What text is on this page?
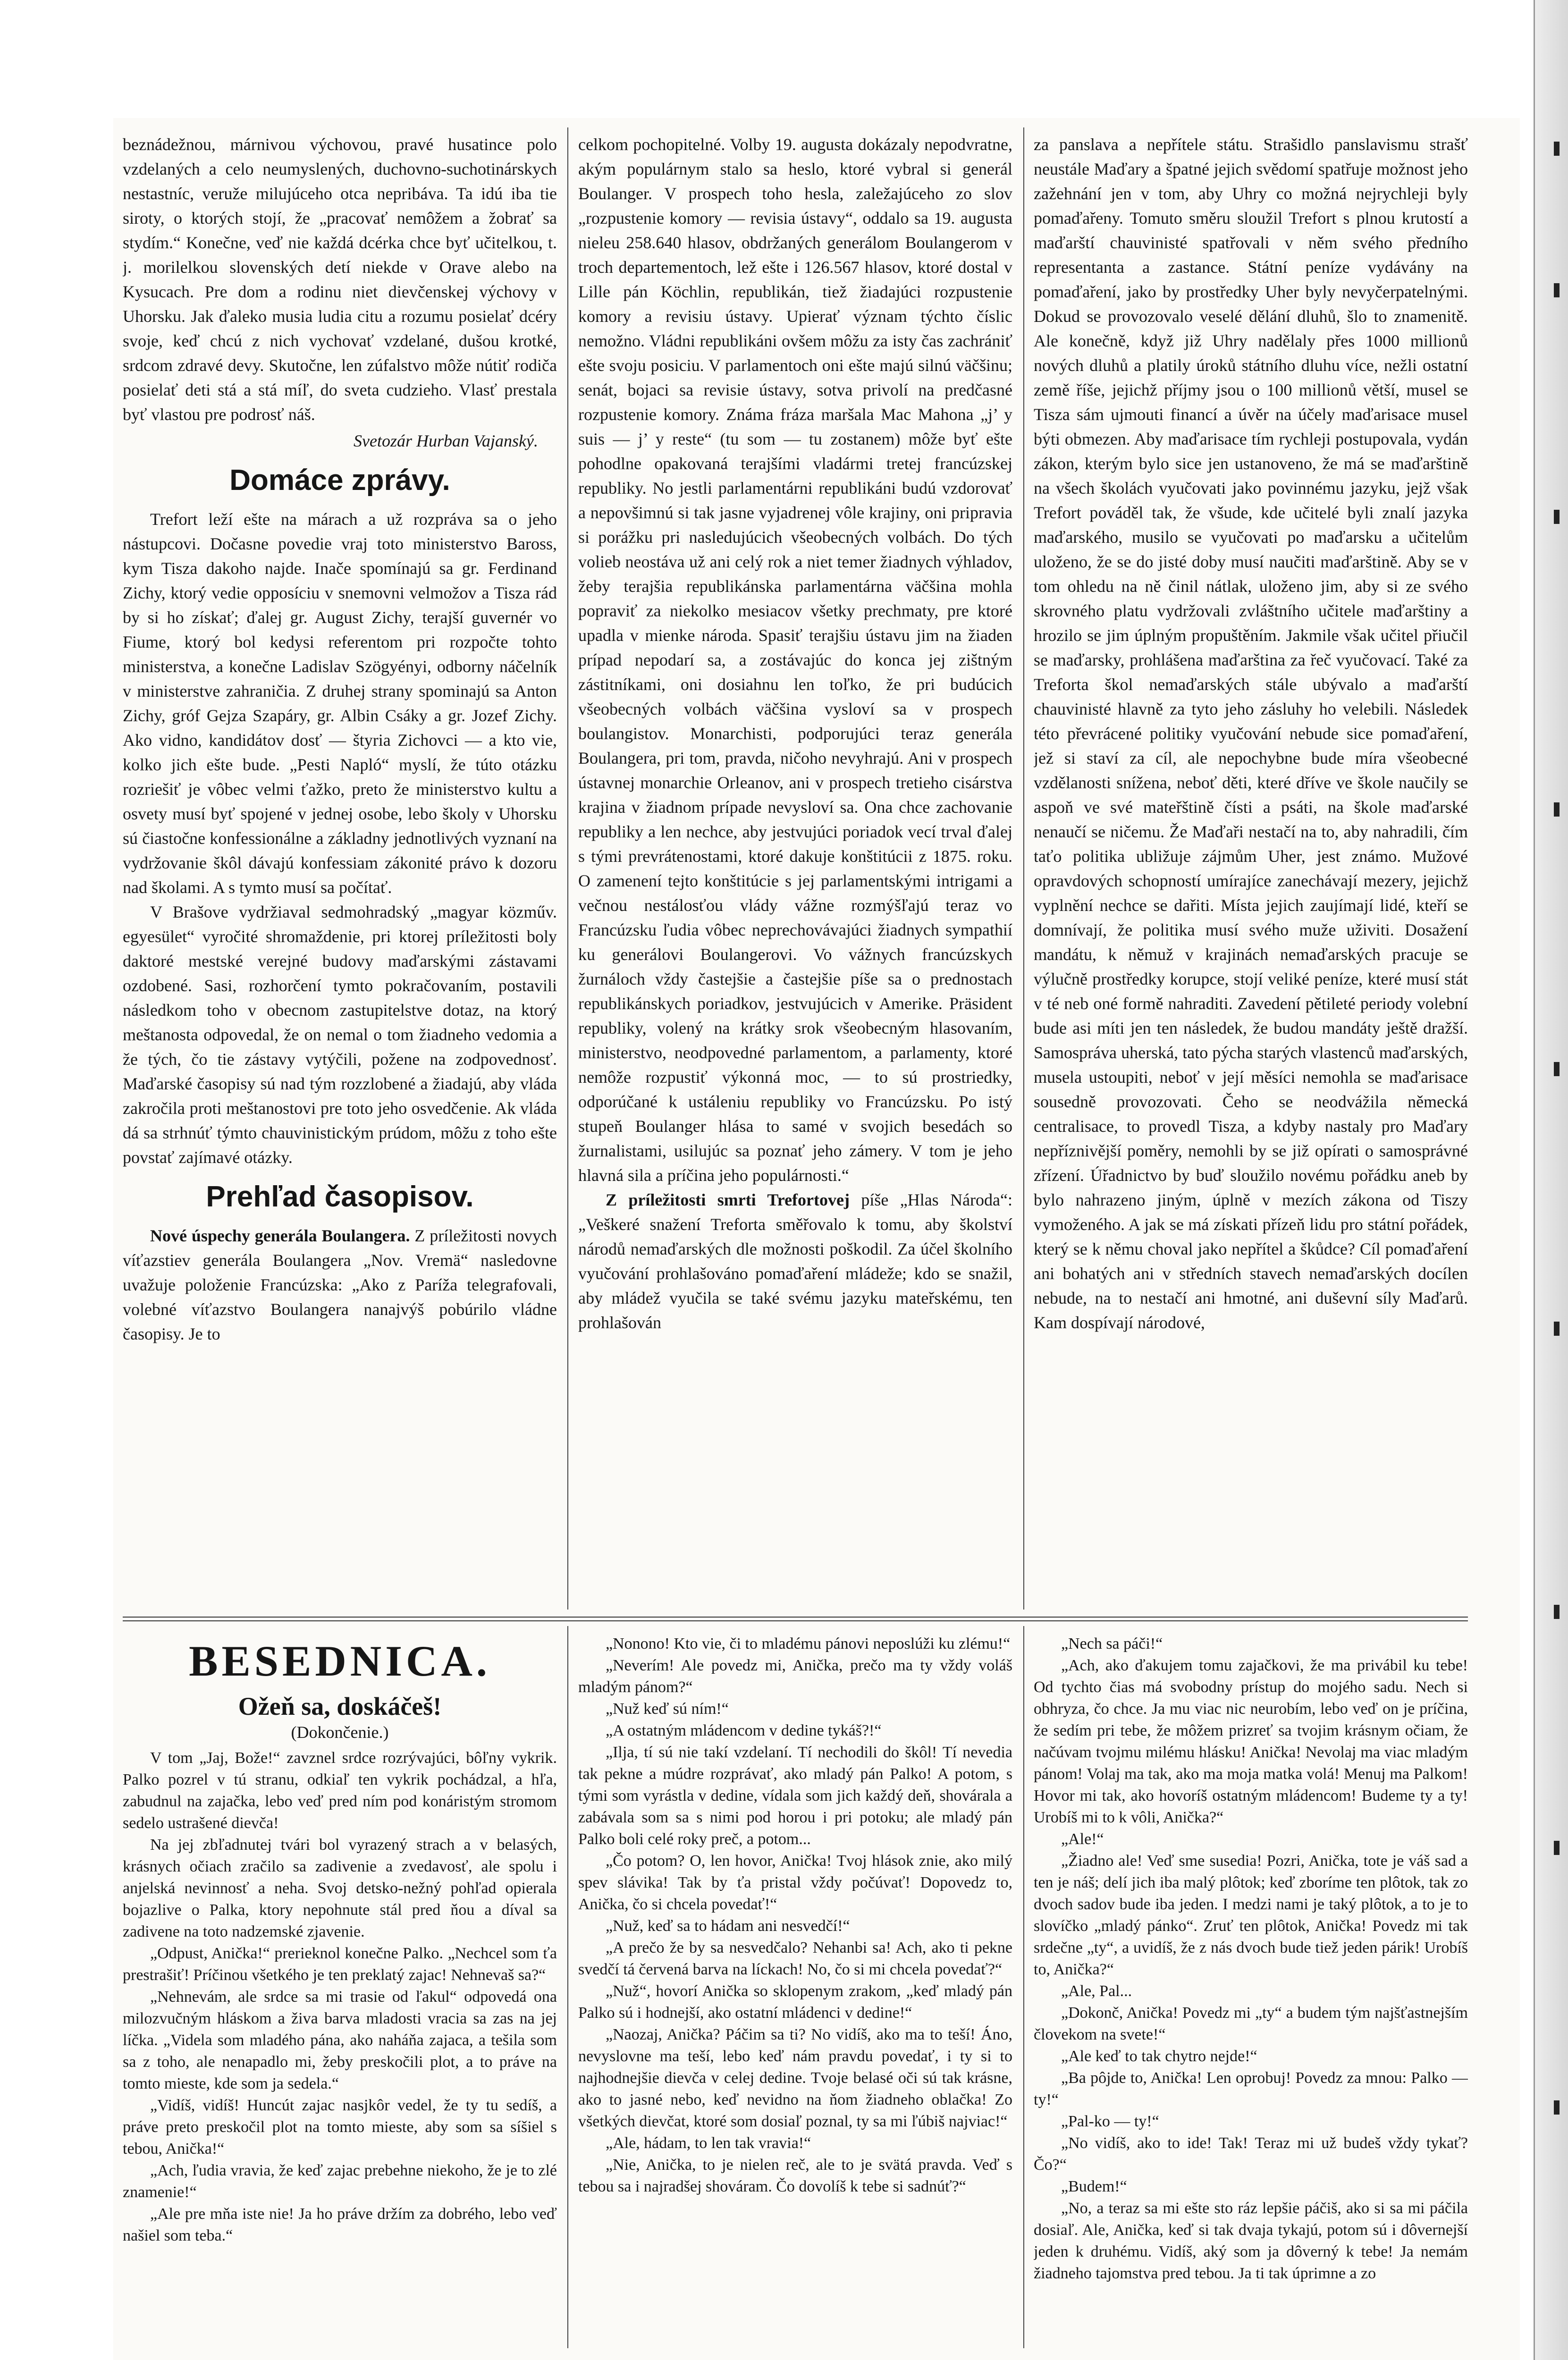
beznádežnou, márnivou výchovou, pravé husatince polo vzdelaných a celo neumyslených, duchovno-suchotinárskych nestastníc, veruže milujúceho otca nepribáva. Ta idú iba tie siroty, o ktorých stojí, že „pracovať nemôžem a žobrať sa stydím.“ Konečne, veď nie každá dcérka chce byť učitelkou, t. j. morilelkou slovenských detí niekde v Orave alebo na Kysucach. Pre dom a rodinu niet dievčenskej výchovy v Uhorsku. Jak ďaleko musia ludia citu a rozumu posielať dcéry svoje, keď chcú z nich vychovať vzdelané, dušou krotké, srdcom zdravé devy. Skutočne, len zúfalstvo môže nútiť rodiča posielať deti stá a stá míľ, do sveta cudzieho. Vlasť prestala byť vlastou pre podrosť náš.

Svetozár Hurban Vajanský.
Domáce zprávy.

Trefort leží ešte na márach a už rozpráva sa o jeho nástupcovi. Dočasne povedie vraj toto ministerstvo Baross, kym Tisza dakoho najde. Inače spomínajú sa gr. Ferdinand Zichy, ktorý vedie opposíciu v snemovni velmožov a Tisza rád by si ho získať; ďalej gr. August Zichy, terajší guvernér vo Fiume, ktorý bol kedysi referentom pri rozpočte tohto ministerstva, a konečne Ladislav Szögyényi, odborny náčelník v ministerstve zahraničia. Z druhej strany spominajú sa Anton Zichy, gróf Gejza Szapáry, gr. Albin Csáky a gr. Jozef Zichy. Ako vidno, kandidátov dosť — štyria Zichovci — a kto vie, kolko jich ešte bude. „Pesti Napló“ myslí, že túto otázku rozriešiť je vôbec velmi ťažko, preto že ministerstvo kultu a osvety musí byť spojené v jednej osobe, lebo školy v Uhorsku sú čiastočne konfessionálne a základny jednotlivých vyznaní na vydržovanie škôl dávajú konfessiam zákonité právo k dozoru nad školami. A s tymto musí sa počítať.

V Brašove vydržiaval sedmohradský „magyar közműv. egyesület“ vyročité shromaždenie, pri ktorej príležitosti boly daktoré mestské verejné budovy maďarskými zástavami ozdobené. Sasi, rozhorčení tymto pokračovaním, postavili následkom toho v obecnom zastupitelstve dotaz, na ktorý meštanosta odpovedal, že on nemal o tom žiadneho vedomia a že tých, čo tie zástavy vytýčili, požene na zodpovednosť. Maďarské časopisy sú nad tým rozzlobené a žiadajú, aby vláda zakročila proti meštanostovi pre toto jeho osvedčenie. Ak vláda dá sa strhnúť týmto chauvinistickým prúdom, môžu z toho ešte povstať zajímavé otázky.

Prehľad časopisov.

Nové úspechy generála Boulangera. Z príležitosti novych víťazstiev generála Boulangera „Nov. Vremä“ nasledovne uvažuje položenie Francúzska: „Ako z Paríža telegrafovali, volebné víťazstvo Boulangera nanajvýš pobúrilo vládne časopisy. Je to

celkom pochopitelné. Volby 19. augusta dokázaly nepodvratne, akým populárnym stalo sa heslo, ktoré vybral si generál Boulanger. V prospech toho hesla, zaležajúceho zo slov „rozpustenie komory — revisia ústavy“, oddalo sa 19. augusta nieleu 258.640 hlasov, obdržaných generálom Boulangerom v troch departementoch, lež ešte i 126.567 hlasov, ktoré dostal v Lille pán Köchlin, republikán, tiež žiadajúci rozpustenie komory a revisiu ústavy. Upierať význam týchto číslic nemožno. Vládni republikáni ovšem môžu za isty čas zachrániť ešte svoju posiciu. V parlamentoch oni ešte majú silnú väčšinu; senát, bojaci sa revisie ústavy, sotva privolí na predčasné rozpustenie komory. Známa fráza maršala Mac Mahona „j’ y suis — j’ y reste“ (tu som — tu zostanem) môže byť ešte pohodlne opakovaná terajšími vladármi tretej francúzskej republiky. No jestli parlamentárni republikáni budú vzdorovať a nepovšimnú si tak jasne vyjadrenej vôle krajiny, oni pripravia si porážku pri nasledujúcich všeobecných volbách. Do tých volieb neostáva už ani celý rok a niet temer žiadnych výhladov, žeby terajšia republikánska parlamentárna väčšina mohla popraviť za niekolko mesiacov všetky prechmaty, pre ktoré upadla v mienke národa. Spasiť terajšiu ústavu jim na žiaden prípad nepodarí sa, a zostávajúc do konca jej zištným zástitníkami, oni dosiahnu len toľko, že pri budúcich všeobecných volbách väčšina vysloví sa v prospech boulangistov. Monarchisti, podporujúci teraz generála Boulangera, pri tom, pravda, ničoho nevyhrajú. Ani v prospech ústavnej monarchie Orleanov, ani v prospech tretieho cisárstva krajina v žiadnom prípade nevysloví sa. Ona chce zachovanie republiky a len nechce, aby jestvujúci poriadok vecí trval ďalej s tými prevrátenostami, ktoré dakuje konštitúcii z 1875. roku. O zamenení tejto konštitúcie s jej parlamentskými intrigami a večnou nestálosťou vlády vážne rozmýšľajú teraz vo Francúzsku ľudia vôbec neprechovávajúci žiadnych sympathií ku generálovi Boulangerovi. Vo vážnych francúzskych žurnáloch vždy častejšie a častejšie píše sa o prednostach republikánskych poriadkov, jestvujúcich v Amerike. Präsident republiky, volený na krátky srok všeobecným hlasovaním, ministerstvo, neodpovedné parlamentom, a parlamenty, ktoré nemôže rozpustiť výkonná moc, — to sú prostriedky, odporúčané k ustáleniu republiky vo Francúzsku. Po istý stupeň Boulanger hlása to samé v svojich besedách so žurnalistami, usilujúc sa poznať jeho zámery. V tom je jeho hlavná sila a príčina jeho populárnosti.“

Z príležitosti smrti Trefortovej píše „Hlas Národa“: „Veškeré snažení Treforta směřovalo k tomu, aby školství národů nemaďarských dle možnosti poškodil. Za účel školního vyučování prohlašováno pomaďaření mládeže; kdo se snažil, aby mládež vyučila se také svému jazyku mateřskému, ten prohlašován

za panslava a nepřítele státu. Strašidlo panslavismu strašť neustále Maďary a špatné jejich svědomí spatřuje možnost jeho zažehnání jen v tom, aby Uhry co možná nejrychleji byly pomaďařeny. Tomuto směru sloužil Trefort s plnou krutostí a maďarští chauvinisté spatřovali v něm svého předního representanta a zastance. Státní peníze vydávány na pomaďaření, jako by prostředky Uher byly nevyčerpatelnými. Dokud se provozovalo veselé dělání dluhů, šlo to znamenitě. Ale konečně, když již Uhry nadělaly přes 1000 millionů nových dluhů a platily úroků státního dluhu více, nežli ostatní země říše, jejichž příjmy jsou o 100 millionů větší, musel se Tisza sám ujmouti financí a úvěr na účely maďarisace musel býti obmezen. Aby maďarisace tím rychleji postupovala, vydán zákon, kterým bylo sice jen ustanoveno, že má se maďarštině na všech školách vyučovati jako povinnému jazyku, jejž však Trefort pováděl tak, že všude, kde učitelé byli znalí jazyka maďarského, musilo se vyučovati po maďarsku a učitelům uloženo, že se do jisté doby musí naučiti maďarštině. Aby se v tom ohledu na ně činil nátlak, uloženo jim, aby si ze svého skrovného platu vydržovali zvláštního učitele maďarštiny a hrozilo se jim úplným propuštěním. Jakmile však učitel přiučil se maďarsky, prohlášena maďarština za řeč vyučovací. Také za Treforta škol nemaďarských stále ubývalo a maďarští chauvinisté hlavně za tyto jeho zásluhy ho velebili. Následek této převrácené politiky vyučování nebude sice pomaďaření, jež si staví za cíl, ale nepochybne bude míra všeobecné vzdělanosti snížena, neboť děti, které dříve ve škole naučily se aspoň ve své mateřštině čísti a psáti, na škole maďarské nenaučí se ničemu. Že Maďaři nestačí na to, aby nahradili, čím taťo politika ubližuje zájmům Uher, jest známo. Mužové opravdových schopností umírajíce zanechávají mezery, jejichž vyplnění nechce se dařiti. Místa jejich zaujímají lidé, kteří se domnívají, že politika musí svého muže uživiti. Dosažení mandátu, k němuž v krajinách nemaďarských pracuje se výlučně prostředky korupce, stojí veliké peníze, které musí stát v té neb oné formě nahraditi. Zavedení pětileté periody volební bude asi míti jen ten následek, že budou mandáty ještě dražší. Samospráva uherská, tato pýcha starých vlastenců maďarských, musela ustoupiti, neboť v její měsíci nemohla se maďarisace sousedně provozovati. Čeho se neodvážila německá centralisace, to provedl Tisza, a kdyby nastaly pro Maďary nepříznivější poměry, nemohli by se již opírati o samosprávné zřízení. Úřadnictvo by buď sloužilo novému pořádku aneb by bylo nahrazeno jiným, úplně v mezích zákona od Tiszy vymoženého. A jak se má získati přízeň lidu pro státní pořádek, který se k němu choval jako nepřítel a škůdce? Cíl pomaďaření ani bohatých ani v středních stavech nemaďarských docílen nebude, na to nestačí ani hmotné, ani duševní síly Maďarů. Kam dospívají národové,

BESEDNICA.
Ožeň sa, doskáčeš!
(Dokončenie.)

V tom „Jaj, Bože!“ zavznel srdce rozrývajúci, bôľny vykrik. Palko pozrel v tú stranu, odkiaľ ten vykrik pochádzal, a hľa, zabudnul na zajačka, lebo veď pred ním pod konáristým stromom sedelo ustrašené dievča!

Na jej zbľadnutej tvári bol vyrazený strach a v belasých, krásnych očiach zračilo sa zadivenie a zvedavosť, ale spolu i anjelská nevinnosť a neha. Svoj detsko-nežný pohľad opierala bojazlive o Palka, ktory nepohnute stál pred ňou a díval sa zadivene na toto nadzemské zjavenie.

„Odpust, Anička!“ prerieknol konečne Palko. „Nechcel som ťa prestrašiť! Príčinou všetkého je ten preklatý zajac! Nehnevaš sa?“

„Nehnevám, ale srdce sa mi trasie od ľakul“ odpovedá ona milozvučným hláskom a živa barva mladosti vracia sa zas na jej líčka. „Videla som mladého pána, ako naháňa zajaca, a tešila som sa z toho, ale nenapadlo mi, žeby preskočili plot, a to práve na tomto mieste, kde som ja sedela.“

„Vidíš, vidíš! Huncút zajac nasjkôr vedel, že ty tu sedíš, a práve preto preskočil plot na tomto mieste, aby som sa síšiel s tebou, Anička!“

„Ach, ľudia vravia, že keď zajac prebehne niekoho, že je to zlé znamenie!“

„Ale pre mňa iste nie! Ja ho práve držím za dobrého, lebo veď našiel som teba.“

„Nonono! Kto vie, či to mladému pánovi neposlúži ku zlému!“

„Neverím! Ale povedz mi, Anička, prečo ma ty vždy voláš mladým pánom?“

„Nuž keď sú ním!“

„A ostatným mládencom v dedine tykáš?!“

„Ilja, tí sú nie takí vzdelaní. Tí nechodili do škôl! Tí nevedia tak pekne a múdre rozprávať, ako mladý pán Palko! A potom, s tými som vyrástla v dedine, vídala som jich každý deň, shovárala a zabávala som sa s nimi pod horou i pri potoku; ale mladý pán Palko boli celé roky preč, a potom...

„Čo potom? O, len hovor, Anička! Tvoj hlások znie, ako milý spev slávika! Tak by ťa pristal vždy počúvať! Dopovedz to, Anička, čo si chcela povedať!“

„Nuž, keď sa to hádam ani nesvedčí!“

„A prečo že by sa nesvedčalo? Nehanbi sa! Ach, ako ti pekne svedčí tá červená barva na líckach! No, čo si mi chcela povedať?“

„Nuž“, hovorí Anička so sklopenym zrakom, „keď mladý pán Palko sú i hodnejší, ako ostatní mládenci v dedine!“

„Naozaj, Anička? Páčim sa ti? No vidíš, ako ma to teší! Áno, nevyslovne ma teší, lebo keď nám pravdu povedať, i ty si to najhodnejšie dievča v celej dedine. Tvoje belasé oči sú tak krásne, ako to jasné nebo, keď nevidno na ňom žiadneho oblačka! Zo všetkých dievčat, ktoré som dosiaľ poznal, ty sa mi ľúbiš najviac!“

„Ale, hádam, to len tak vravia!“

„Nie, Anička, to je nielen reč, ale to je svätá pravda. Veď s tebou sa i najradšej shováram. Čo dovolíš k tebe si sadnúť?“

„Nech sa páči!“

„Ach, ako ďakujem tomu zajačkovi, že ma privábil ku tebe! Od tychto čias má svobodny prístup do mojého sadu. Nech si obhryza, čo chce. Ja mu viac nic neurobím, lebo veď on je príčina, že sedím pri tebe, že môžem prizreť sa tvojim krásnym očiam, že načúvam tvojmu milému hlásku! Anička! Nevolaj ma viac mladým pánom! Volaj ma tak, ako ma moja matka volá! Menuj ma Palkom! Hovor mi tak, ako hovoríš ostatným mládencom! Budeme ty a ty! Urobíš mi to k vôli, Anička?“

„Ale!“

„Žiadno ale! Veď sme susedia! Pozri, Anička, tote je váš sad a ten je náš; delí jich iba malý plôtok; keď zboríme ten plôtok, tak zo dvoch sadov bude iba jeden. I medzi nami je taký plôtok, a to je to slovíčko „mladý pánko“. Zruť ten plôtok, Anička! Povedz mi tak srdečne „ty“, a uvidíš, že z nás dvoch bude tiež jeden párik! Urobíš to, Anička?“

„Ale, Pal...

„Dokonč, Anička! Povedz mi „ty“ a budem tým najšťastnejším človekom na svete!“

„Ale keď to tak chytro nejde!“

„Ba pôjde to, Anička! Len oprobuj! Povedz za mnou: Palko — ty!“

„Pal-ko — ty!“

„No vidíš, ako to ide! Tak! Teraz mi už budeš vždy tykať? Čo?“

„Budem!“

„No, a teraz sa mi ešte sto ráz lepšie páčiš, ako si sa mi páčila dosiaľ. Ale, Anička, keď si tak dvaja tykajú, potom sú i dôvernejší jeden k druhému. Vidíš, aký som ja dôverný k tebe! Ja nemám žiadneho tajomstva pred tebou. Ja ti tak úprimne a zo
